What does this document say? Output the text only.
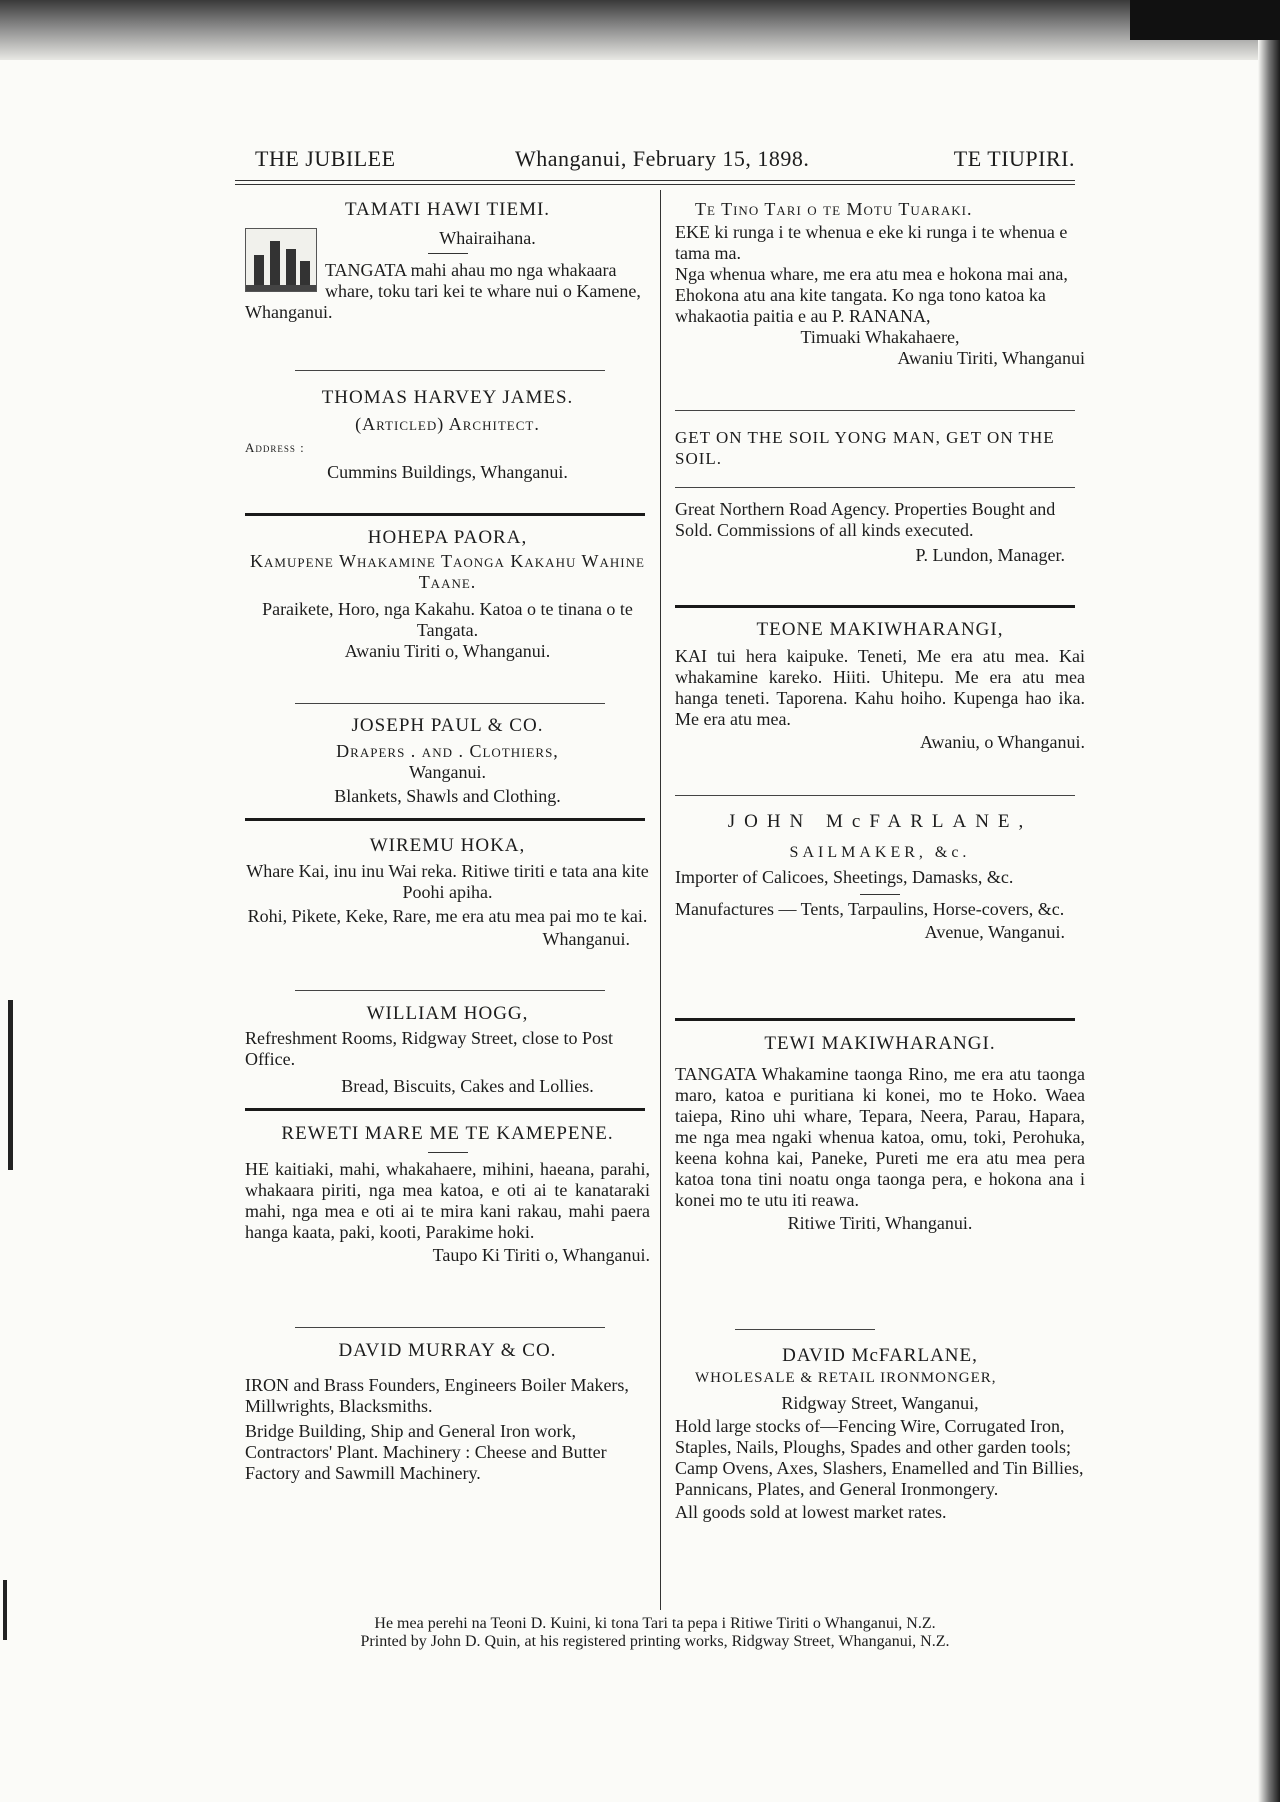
THE JUBILEE	Whanganui, February 15, 1898.	TE TIUPIRI.
TAMATI HAWI TIEMI.
Whairaihana.
TANGATA mahi ahau mo nga whakaara whare, toku tari kei te whare nui o Kamene, Whanganui.
THOMAS HARVEY JAMES.
(Articled) Architect.
Address :
Cummins Buildings, Whanganui.
HOHEPA PAORA,
Kamupene Whakamine Taonga Kakahu Wahine Taane.
Paraikete, Horo, nga Kakahu. Katoa o te tinana o te Tangata.
Awaniu Tiriti o, Whanganui.
JOSEPH PAUL & CO.
Drapers . and . Clothiers,
Wanganui.
Blankets, Shawls and Clothing.
WIREMU HOKA,
Whare Kai, inu inu Wai reka. Ritiwe tiriti e tata ana kite Poohi apiha.
Rohi, Pikete, Keke, Rare, me era atu mea pai mo te kai.
Whanganui.
WILLIAM HOGG,
Refreshment Rooms, Ridgway Street, close to Post Office.
Bread, Biscuits, Cakes and Lollies.
REWETI MARE ME TE KAMEPENE.
HE kaitiaki, mahi, whakahaere, mihini, haeana, parahi, whakaara piriti, nga mea katoa, e oti ai te kanataraki mahi, nga mea e oti ai te mira kani rakau, mahi paera hanga kaata, paki, kooti, Parakime hoki.
Taupo Ki Tiriti o, Whanganui.
DAVID MURRAY & CO.
IRON and Brass Founders, Engineers Boiler Makers, Millwrights, Blacksmiths.
Bridge Building, Ship and General Iron work, Contractors' Plant. Machinery : Cheese and Butter Factory and Sawmill Machinery.
Te Tino Tari o te Motu Tuaraki.
EKE ki runga i te whenua e eke ki runga i te whenua e tama ma.
Nga whenua whare, me era atu mea e hokona mai ana, Ehokona atu ana kite tangata. Ko nga tono katoa ka whakaotia paitia e au P. RANANA,
Timuaki Whakahaere,
Awaniu Tiriti, Whanganui
GET ON THE SOIL YONG MAN, GET ON THE SOIL.
Great Northern Road Agency. Properties Bought and Sold. Commissions of all kinds executed.
P. Lundon, Manager.
TEONE MAKIWHARANGI,
KAI tui hera kaipuke. Teneti, Me era atu mea. Kai whakamine kareko. Hiiti. Uhitepu. Me era atu mea hanga teneti. Taporena. Kahu hoiho. Kupenga hao ika. Me era atu mea.
Awaniu, o Whanganui.
JOHN McFARLANE,
SAILMAKER, &c.
Importer of Calicoes, Sheetings, Damasks, &c.
Manufactures — Tents, Tarpaulins, Horse-covers, &c.
Avenue, Wanganui.
TEWI MAKIWHARANGI.
TANGATA Whakamine taonga Rino, me era atu taonga maro, katoa e puritiana ki konei, mo te Hoko. Waea taiepa, Rino uhi whare, Tepara, Neera, Parau, Hapara, me nga mea ngaki whenua katoa, omu, toki, Perohuka, keena kohna kai, Paneke, Pureti me era atu mea pera katoa tona tini noatu onga taonga pera, e hokona ana i konei mo te utu iti reawa.
Ritiwe Tiriti, Whanganui.
DAVID McFARLANE,
WHOLESALE & RETAIL IRONMONGER,
Ridgway Street, Wanganui,
Hold large stocks of—Fencing Wire, Corrugated Iron, Staples, Nails, Ploughs, Spades and other garden tools; Camp Ovens, Axes, Slashers, Enamelled and Tin Billies, Pannicans, Plates, and General Ironmongery.
All goods sold at lowest market rates.
He mea perehi na Teoni D. Kuini, ki tona Tari ta pepa i Ritiwe Tiriti o Whanganui, N.Z.
Printed by John D. Quin, at his registered printing works, Ridgway Street, Whanganui, N.Z.
